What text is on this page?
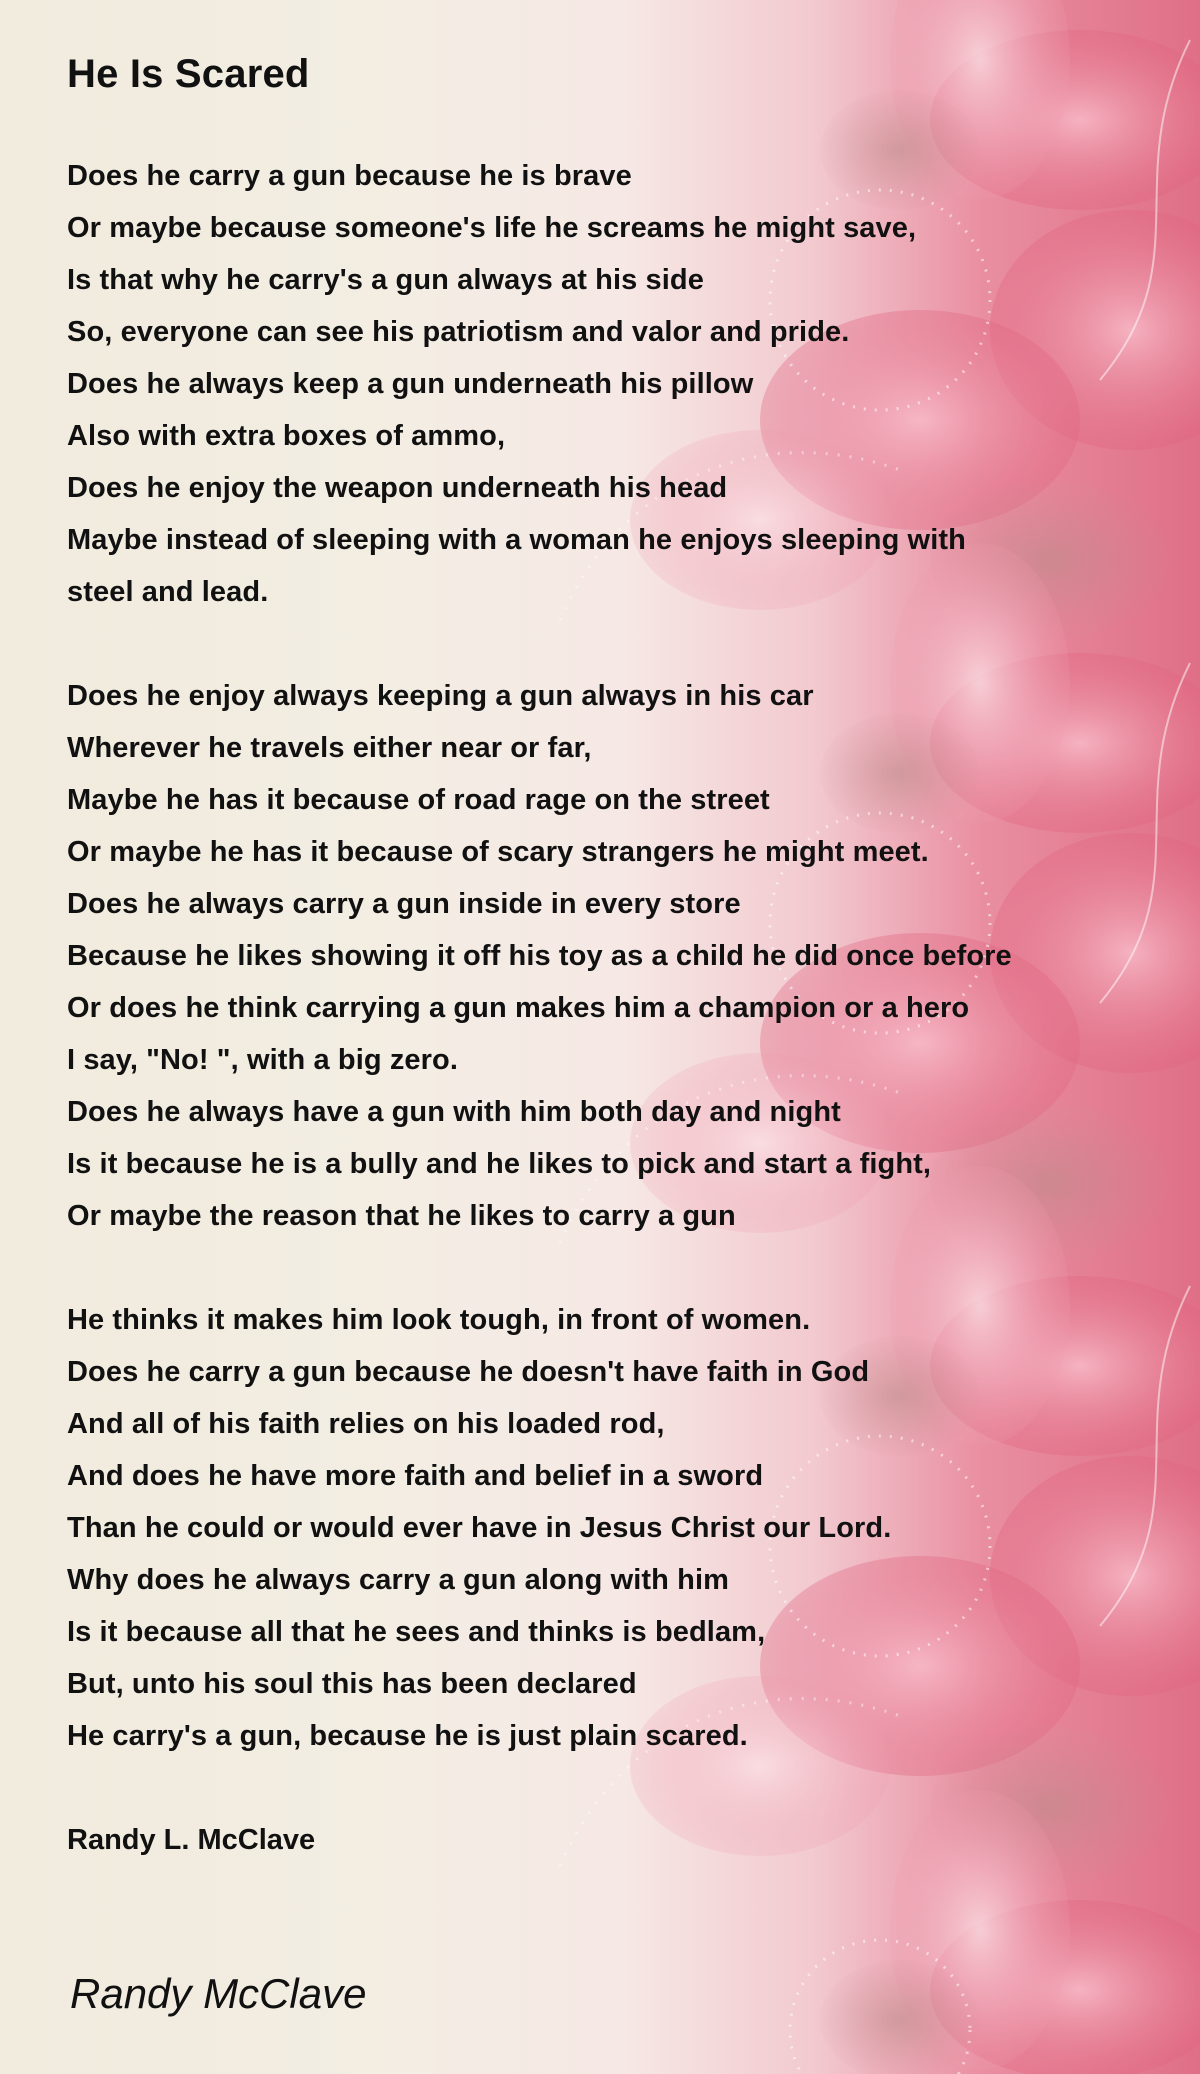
He Is Scared
Does he carry a gun because he is brave
Or maybe because someone's life he screams he might save,
Is that why he carry's a gun always at his side
So, everyone can see his patriotism and valor and pride.
Does he always keep a gun underneath his pillow
Also with extra boxes of ammo,
Does he enjoy the weapon underneath his head
Maybe instead of sleeping with a woman he enjoys sleeping with
steel and lead.
Does he enjoy always keeping a gun always in his car
Wherever he travels either near or far,
Maybe he has it because of road rage on the street
Or maybe he has it because of scary strangers he might meet.
Does he always carry a gun inside in every store
Because he likes showing it off his toy as a child he did once before
Or does he think carrying a gun makes him a champion or a hero
I say, "No! ", with a big zero.
Does he always have a gun with him both day and night
Is it because he is a bully and he likes to pick and start a fight,
Or maybe the reason that he likes to carry a gun
He thinks it makes him look tough, in front of women.
Does he carry a gun because he doesn't have faith in God
And all of his faith relies on his loaded rod,
And does he have more faith and belief in a sword
Than he could or would ever have in Jesus Christ our Lord.
Why does he always carry a gun along with him
Is it because all that he sees and thinks is bedlam,
But, unto his soul this has been declared
He carry's a gun, because he is just plain scared.
Randy L. McClave
Randy McClave
